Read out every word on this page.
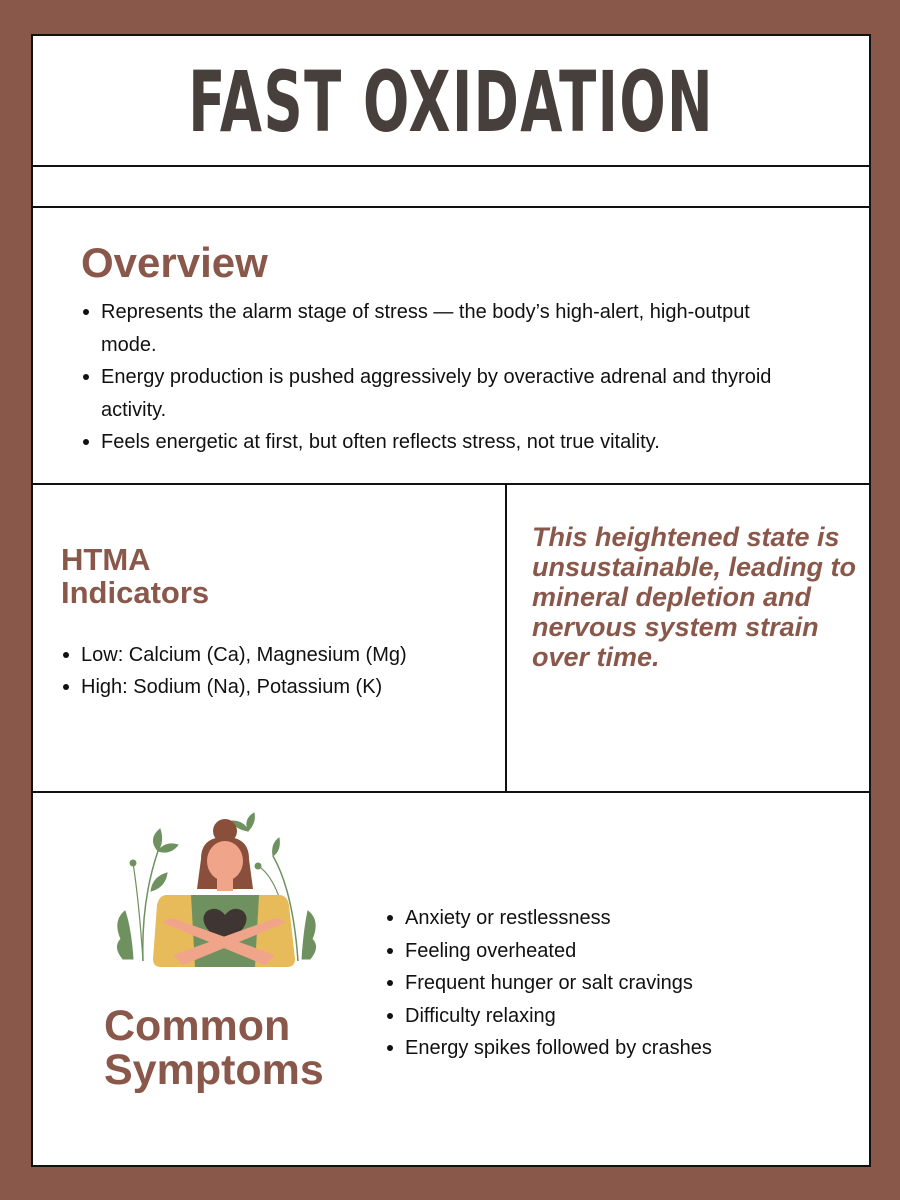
FAST OXIDATION
Overview
Represents the alarm stage of stress — the body’s high-alert, high-output mode.
Energy production is pushed aggressively by overactive adrenal and thyroid activity.
Feels energetic at first, but often reflects stress, not true vitality.
HTMA
Indicators
Low: Calcium (Ca), Magnesium (Mg)
High: Sodium (Na), Potassium (K)
This heightened state is unsustainable, leading to mineral depletion and nervous system strain over time.
Common
Symptoms
Anxiety or restlessness
Feeling overheated
Frequent hunger or salt cravings
Difficulty relaxing
Energy spikes followed by crashes
